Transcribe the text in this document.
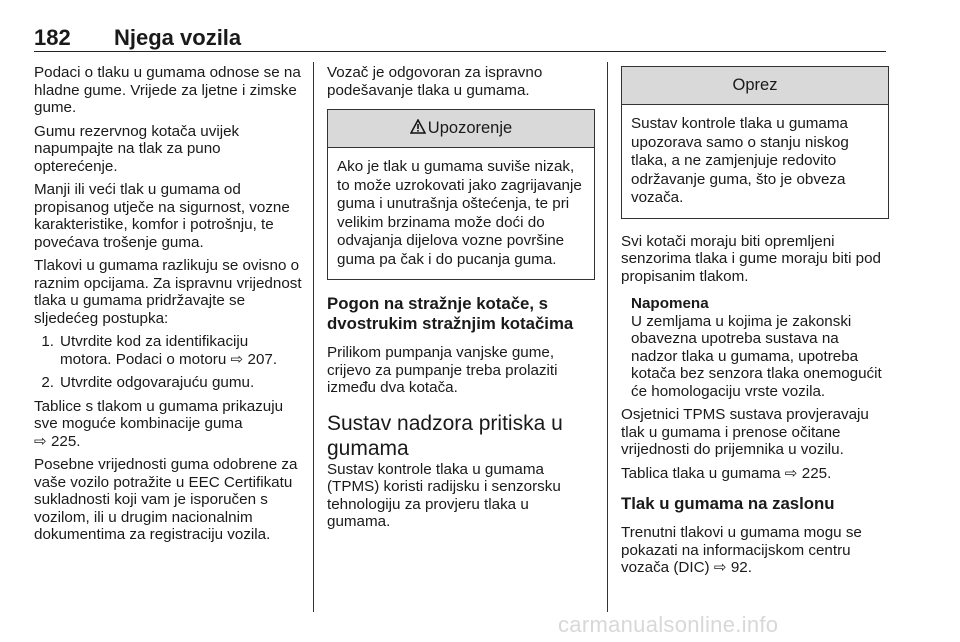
182 Njega vozila
Podaci o tlaku u gumama odnose se na hladne gume. Vrijede za ljetne i zimske gume.
Gumu rezervnog kotača uvijek napumpajte na tlak za puno opterećenje.
Manji ili veći tlak u gumama od propisanog utječe na sigurnost, vozne karakteristike, komfor i potrošnju, te povećava trošenje guma.
Tlakovi u gumama razlikuju se ovisno o raznim opcijama. Za ispravnu vrijednost tlaka u gumama pridržavajte se sljedećeg postupka:
1. Utvrdite kod za identifikaciju motora. Podaci o motoru ⇨ 207.
2. Utvrdite odgovarajuću gumu.
Tablice s tlakom u gumama prikazuju sve moguće kombinacije guma
⇨ 225.
Posebne vrijednosti guma odobrene za vaše vozilo potražite u EEC Certifikatu sukladnosti koji vam je isporučen s vozilom, ili u drugim nacionalnim dokumentima za registraciju vozila.
Vozač je odgovoran za ispravno podešavanje tlaka u gumama.
Upozorenje
Ako je tlak u gumama suviše nizak, to može uzrokovati jako zagrijavanje guma i unutrašnja oštećenja, te pri velikim brzinama može doći do odvajanja dijelova vozne površine guma pa čak i do pucanja guma.
Pogon na stražnje kotače, s dvostrukim stražnjim kotačima
Prilikom pumpanja vanjske gume, crijevo za pumpanje treba prolaziti između dva kotača.
Sustav nadzora pritiska u gumama
Sustav kontrole tlaka u gumama (TPMS) koristi radijsku i senzorsku tehnologiju za provjeru tlaka u gumama.
Oprez
Sustav kontrole tlaka u gumama upozorava samo o stanju niskog tlaka, a ne zamjenjuje redovito održavanje guma, što je obveza vozača.
Svi kotači moraju biti opremljeni senzorima tlaka i gume moraju biti pod propisanim tlakom.
Napomena
U zemljama u kojima je zakonski obavezna upotreba sustava na nadzor tlaka u gumama, upotreba kotača bez senzora tlaka onemogućit će homologaciju vrste vozila.
Osjetnici TPMS sustava provjeravaju tlak u gumama i prenose očitane vrijednosti do prijemnika u vozilu.
Tablica tlaka u gumama ⇨ 225.
Tlak u gumama na zaslonu
Trenutni tlakovi u gumama mogu se pokazati na informacijskom centru vozača (DIC) ⇨ 92.
carmanualsonline.info
